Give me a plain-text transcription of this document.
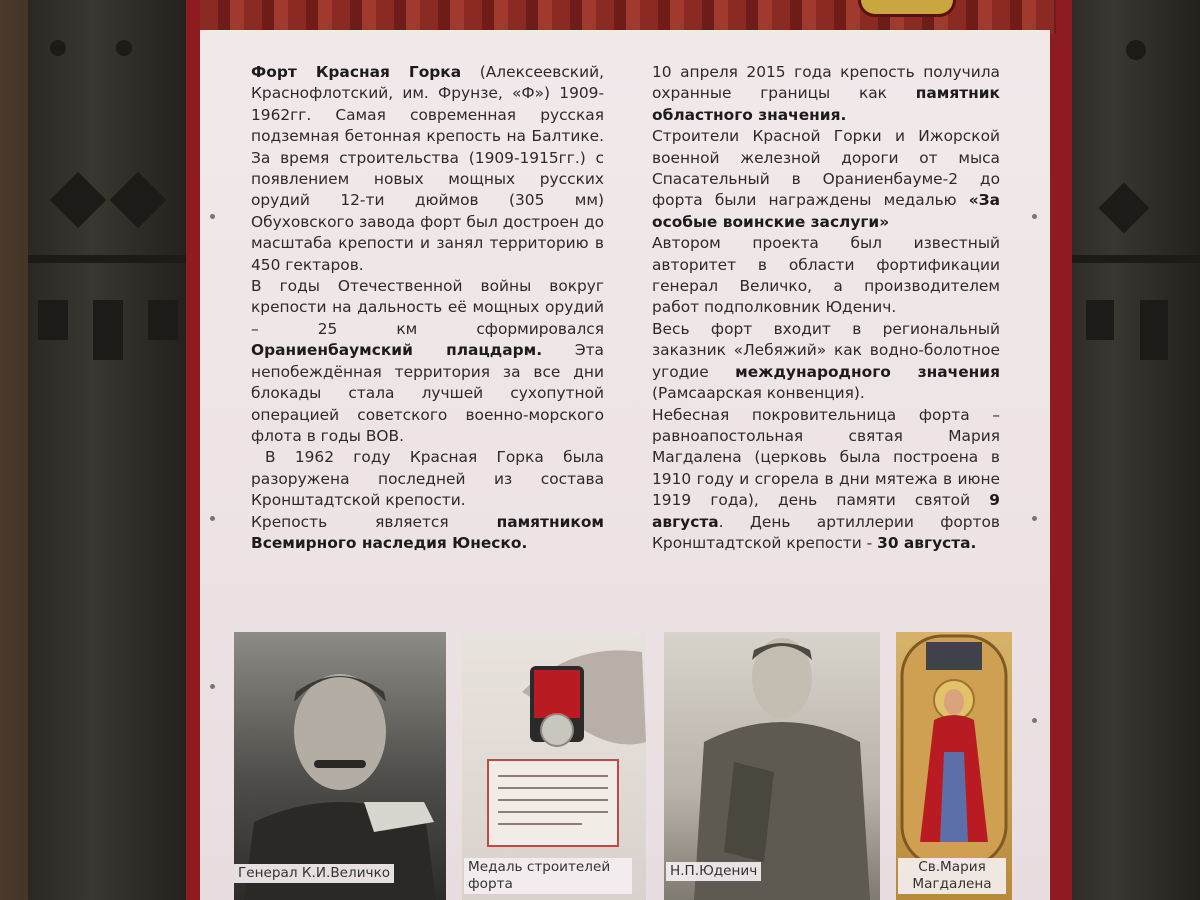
Форт Красная Горка (Алексеевский, Краснофлотский, им. Фрунзе, «Ф») 1909-1962гг. Самая современная русская подземная бетонная крепость на Балтике. За время строительства (1909-1915гг.) с появлением новых мощных русских орудий 12-ти дюймов (305 мм) Обуховского завода форт был достроен до масштаба крепости и занял территорию в 450 гектаров.

В годы Отечественной войны вокруг крепости на дальность её мощных орудий – 25 км сформировался Ораниенбаумский плацдарм. Эта непобеждённая территория за все дни блокады стала лучшей сухопутной операцией советского военно-морского флота в годы ВОВ.

В 1962 году Красная Горка была разоружена последней из состава Кронштадтской крепости.

Крепость является памятником Всемирного наследия Юнеско.

10 апреля 2015 года крепость получила охранные границы как памятник областного значения.

Строители Красной Горки и Ижорской военной железной дороги от мыса Спасательный в Ораниенбауме-2 до форта были награждены медалью «За особые воинские заслуги»

Автором проекта был известный авторитет в области фортификации генерал Величко, а производителем работ подполковник Юденич.

Весь форт входит в региональный заказник «Лебяжий» как водно-болотное угодие международного значения (Рамсаарская конвенция).

Небесная покровительница форта – равноапостольная святая Мария Магдалена (церковь была построена в 1910 году и сгорела в дни мятежа в июне 1919 года), день памяти святой 9 августа. День артиллерии фортов Кронштадтской крепости - 30 августа.

Генерал К.И.Величко	Медаль строителей форта
Н.П.Юденич	Св.Мария Магдалена
